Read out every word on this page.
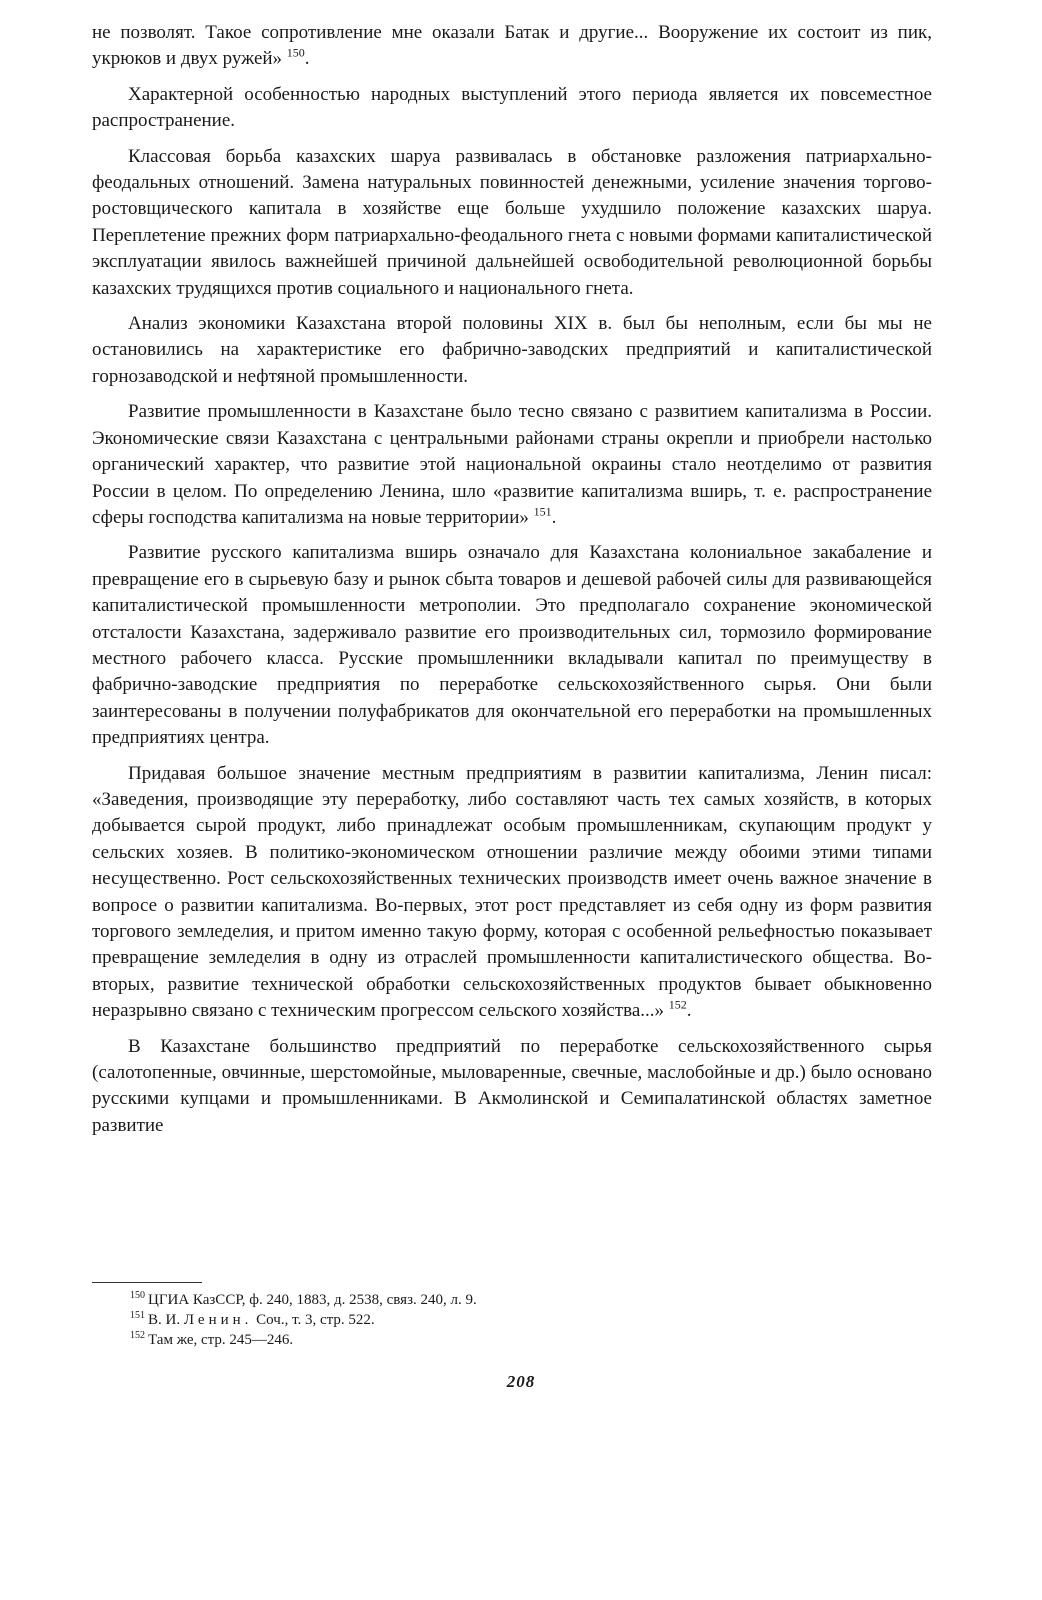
не позволят. Такое сопротивление мне оказали Батак и другие... Вооружение их состоит из пик, укрюков и двух ружей» $^{150}$.

Характерной особенностью народных выступлений этого периода является их повсеместное распространение.

Классовая борьба казахских шаруа развивалась в обстановке разложения патриархально-феодальных отношений. Замена натуральных повинностей денежными, усиление значения торгово-ростовщического капитала в хозяйстве еще больше ухудшило положение казахских шаруа. Переплетение прежних форм патриархально-феодального гнета с новыми формами капиталистической эксплуатации явилось важнейшей причиной дальнейшей освободительной революционной борьбы казахских трудящихся против социального и национального гнета.

Анализ экономики Казахстана второй половины XIX в. был бы неполным, если бы мы не остановились на характеристике его фабрично-заводских предприятий и капиталистической горнозаводской и нефтяной промышленности.

Развитие промышленности в Казахстане было тесно связано с развитием капитализма в России. Экономические связи Казахстана с центральными районами страны окрепли и приобрели настолько органический характер, что развитие этой национальной окраины стало неотделимо от развития России в целом. По определению Ленина, шло «развитие капитализма вширь, т. е. распространение сферы господства капитализма на новые территории» $^{151}$.

Развитие русского капитализма вширь означало для Казахстана колониальное закабаление и превращение его в сырьевую базу и рынок сбыта товаров и дешевой рабочей силы для развивающейся капиталистической промышленности метрополии. Это предполагало сохранение экономической отсталости Казахстана, задерживало развитие его производительных сил, тормозило формирование местного рабочего класса. Русские промышленники вкладывали капитал по преимуществу в фабрично-заводские предприятия по переработке сельскохозяйственного сырья. Они были заинтересованы в получении полуфабрикатов для окончательной его переработки на промышленных предприятиях центра.

Придавая большое значение местным предприятиям в развитии капитализма, Ленин писал: «Заведения, производящие эту переработку, либо составляют часть тех самых хозяйств, в которых добывается сырой продукт, либо принадлежат особым промышленникам, скупающим продукт у сельских хозяев. В политико-экономическом отношении различие между обоими этими типами несущественно. Рост сельскохозяйственных технических производств имеет очень важное значение в вопросе о развитии капитализма. Во-первых, этот рост представляет из себя одну из форм развития торгового земледелия, и притом именно такую форму, которая с особенной рельефностью показывает превращение земледелия в одну из отраслей промышленности капиталистического общества. Во-вторых, развитие технической обработки сельскохозяйственных продуктов бывает обыкновенно неразрывно связано с техническим прогрессом сельского хозяйства...» $^{152}$.

В Казахстане большинство предприятий по переработке сельскохозяйственного сырья (салотопенные, овчинные, шерстомойные, мыловаренные, свечные, маслобойные и др.) было основано русскими купцами и промышленниками. В Акмолинской и Семипалатинской областях заметное развитие

$^{150}$ ЦГИА КазССР, ф. 240, 1883, д. 2538, связ. 240, л. 9.

$^{151}$ В. И. Ленин. Соч., т. 3, стр. 522.

$^{152}$ Там же, стр. 245—246.

208
